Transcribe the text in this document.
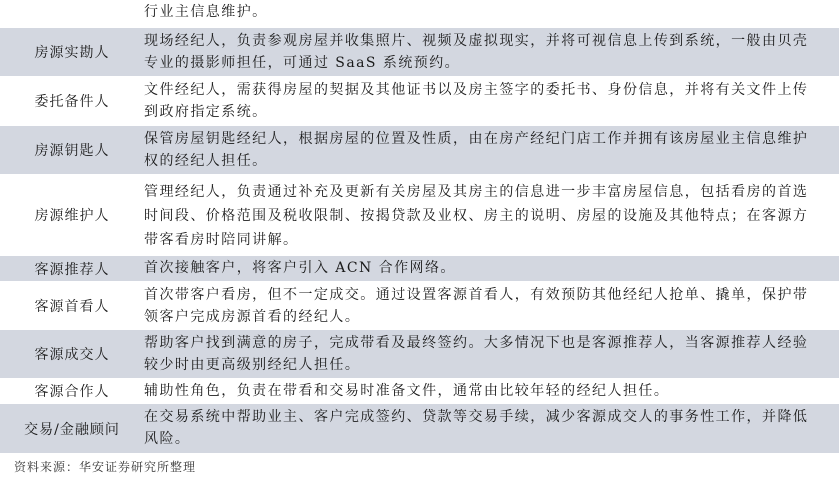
行业主信息维护。
房源实勘人
现场经纪人，负责参观房屋并收集照片、视频及虚拟现实，并将可视信息上传到系统，一般由贝壳
专业的摄影师担任，可通过 SaaS 系统预约。
委托备件人
文件经纪人，需获得房屋的契据及其他证书以及房主签字的委托书、身份信息，并将有关文件上传
到政府指定系统。
房源钥匙人
保管房屋钥匙经纪人，根据房屋的位置及性质，由在房产经纪门店工作并拥有该房屋业主信息维护
权的经纪人担任。
房源维护人
管理经纪人，负责通过补充及更新有关房屋及其房主的信息进一步丰富房屋信息，包括看房的首选
时间段、价格范围及税收限制、按揭贷款及业权、房主的说明、房屋的设施及其他特点；在客源方
带客看房时陪同讲解。
客源推荐人	首次接触客户，将客户引入 ACN 合作网络。
客源首看人
首次带客户看房，但不一定成交。通过设置客源首看人，有效预防其他经纪人抢单、撬单，保护带
领客户完成房源首看的经纪人。
客源成交人
帮助客户找到满意的房子，完成带看及最终签约。大多情况下也是客源推荐人，当客源推荐人经验
较少时由更高级别经纪人担任。
客源合作人	辅助性角色，负责在带看和交易时准备文件，通常由比较年轻的经纪人担任。
交易/金融顾问
在交易系统中帮助业主、客户完成签约、贷款等交易手续，减少客源成交人的事务性工作，并降低
风险。
资料来源：华安证券研究所整理
